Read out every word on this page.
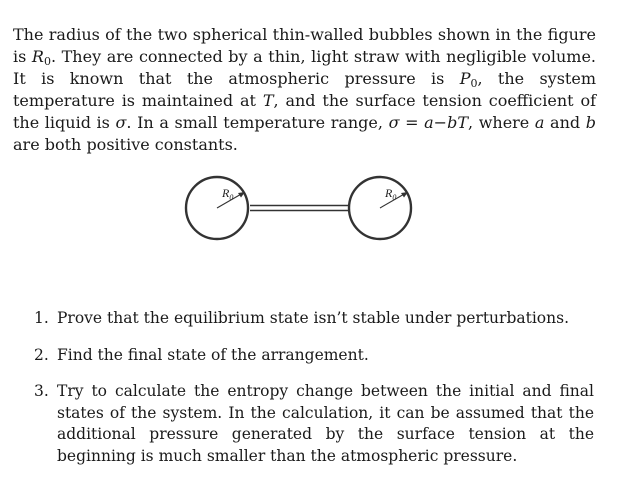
The radius of the two spherical thin-walled bubbles shown in the figure is $R_0$. They are connected by a thin, light straw with negligible volume. It is known that the atmospheric pressure is $P_0$, the system temperature is maintained at T, and the surface tension coefficient of the liquid is σ. In a small temperature range, σ = a−bT, where a and b are both positive constants.
$R_0$	$R_0$
1. Prove that the equilibrium state isn’t stable under perturbations.
2. Find the final state of the arrangement.
3. Try to calculate the entropy change between the initial and final states of the system. In the calculation, it can be assumed that the additional pressure generated by the surface tension at the beginning is much smaller than the atmospheric pressure.
